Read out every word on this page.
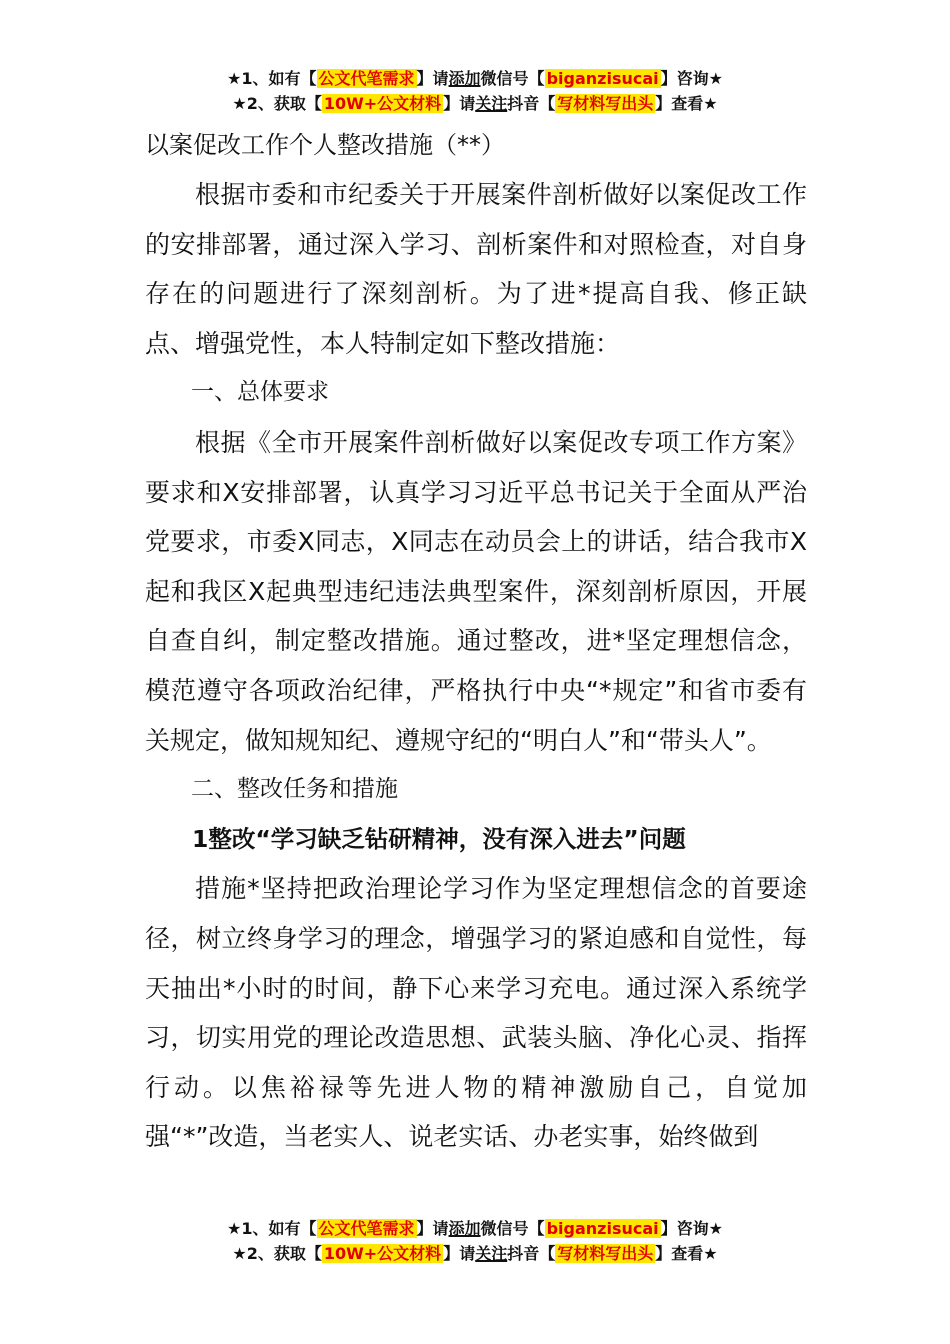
★1、如有【 公文代笔需求 】请添加微信号【 biganzisucai 】咨询★
★2、获取【 10W+公文材料 】请关注抖音【 写材料写出头 】查看★
以案促改工作个人整改措施（**）

根据市委和市纪委关于开展案件剖析做好以案促改工作的安排部署，通过深入学习、剖析案件和对照检查，对自身存在的问题进行了深刻剖析。为了进*提高自我、修正缺点、增强党性，本人特制定如下整改措施：

一、总体要求

根据《全市开展案件剖析做好以案促改专项工作方案》要求和X安排部署，认真学习习近平总书记关于全面从严治党要求，市委X同志，X同志在动员会上的讲话，结合我市X起和我区X起典型违纪违法典型案件，深刻剖析原因，开展自查自纠，制定整改措施。通过整改，进*坚定理想信念，模范遵守各项政治纪律，严格执行中央“*规定”和省市委有关规定，做知规知纪、遵规守纪的“明白人”和“带头人”。

二、整改任务和措施

1整改“学习缺乏钻研精神，没有深入进去”问题

措施*坚持把政治理论学习作为坚定理想信念的首要途径，树立终身学习的理念，增强学习的紧迫感和自觉性，每天抽出*小时的时间，静下心来学习充电。通过深入系统学习，切实用党的理论改造思想、武装头脑、净化心灵、指挥行动。以焦裕禄等先进人物的精神激励自己，自觉加强“*”改造，当老实人、说老实话、办老实事，始终做到

★1、如有【 公文代笔需求 】请添加微信号【 biganzisucai 】咨询★
★2、获取【 10W+公文材料 】请关注抖音【 写材料写出头 】查看★
